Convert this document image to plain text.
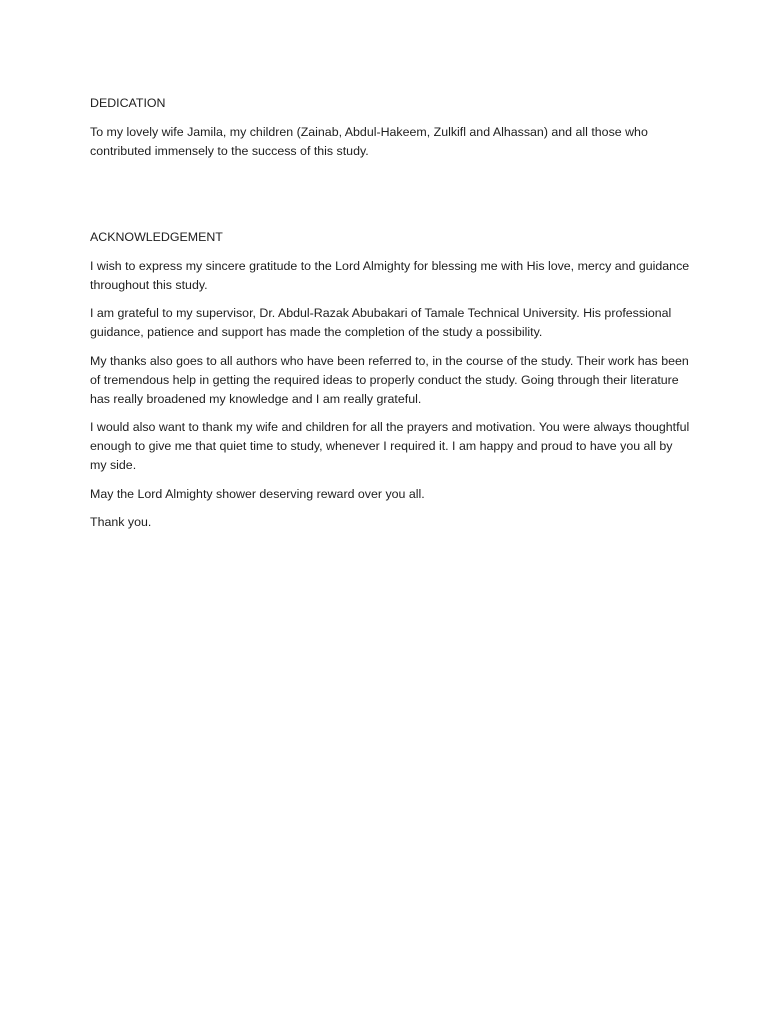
DEDICATION

To my lovely wife Jamila, my children (Zainab, Abdul-Hakeem, Zulkifl and Alhassan) and all those who contributed immensely to the success of this study.

ACKNOWLEDGEMENT

I wish to express my sincere gratitude to the Lord Almighty for blessing me with His love, mercy and guidance throughout this study.

I am grateful to my supervisor, Dr. Abdul-Razak Abubakari of Tamale Technical University. His professional guidance, patience and support has made the completion of the study a possibility.

My thanks also goes to all authors who have been referred to, in the course of the study. Their work has been of tremendous help in getting the required ideas to properly conduct the study. Going through their literature has really broadened my knowledge and I am really grateful.

I would also want to thank my wife and children for all the prayers and motivation. You were always thoughtful enough to give me that quiet time to study, whenever I required it. I am happy and proud to have you all by my side.

May the Lord Almighty shower deserving reward over you all.

Thank you.
